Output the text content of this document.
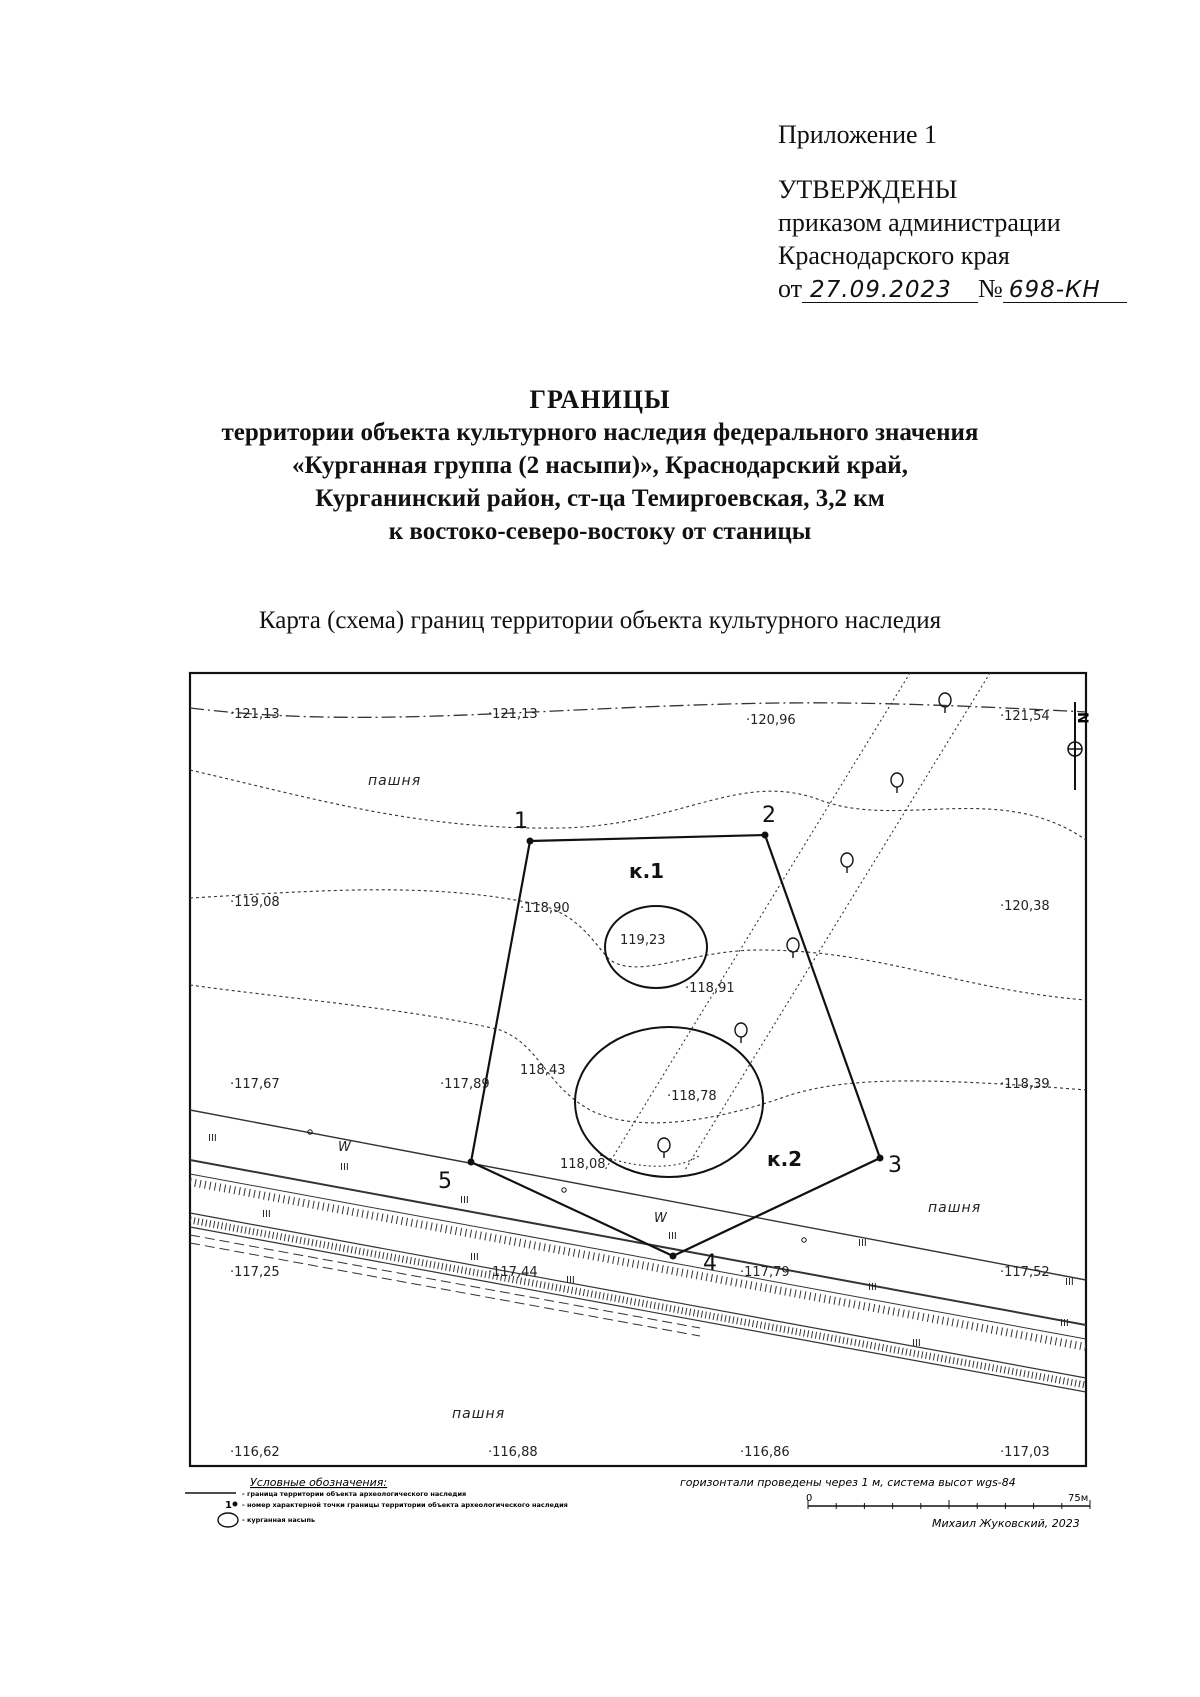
Приложение 1
УТВЕРЖДЕНЫ
приказом администрации
Краснодарского края
от 27.09.2023 № 698-КН
ГРАНИЦЫ
территории объекта культурного наследия федерального значения
«Курганная группа (2 насыпи)», Краснодарский край,
Курганинский район, ст-ца Темиргоевская, 3,2 км
к востоко-северо-востоку от станицы
Карта (схема) границ территории объекта культурного наследия
·121,13	·121,13	·120,96	·121,54
·119,08	·118,90
119,23
·118,91
·120,38
118,43
·117,67	·117,89
·118,78
·118,39
118,08
·117,25	·117,44	·117,79	·117,52
·116,62	·116,88	·116,86	·117,03
пашня
пашня
пашня
к.1
к.2
1	2
3
4
5
W
W
III
III
III
III
III
III
III
III
III
III	III
III
N
Условные обозначения:
- граница территории объекта археологического наследия
1 - номер характерной точки границы территории объекта археологического наследия
- курганная насыпь
горизонтали проведены через 1 м, система высот wgs-84
0	75м
Михаил Жуковский, 2023
